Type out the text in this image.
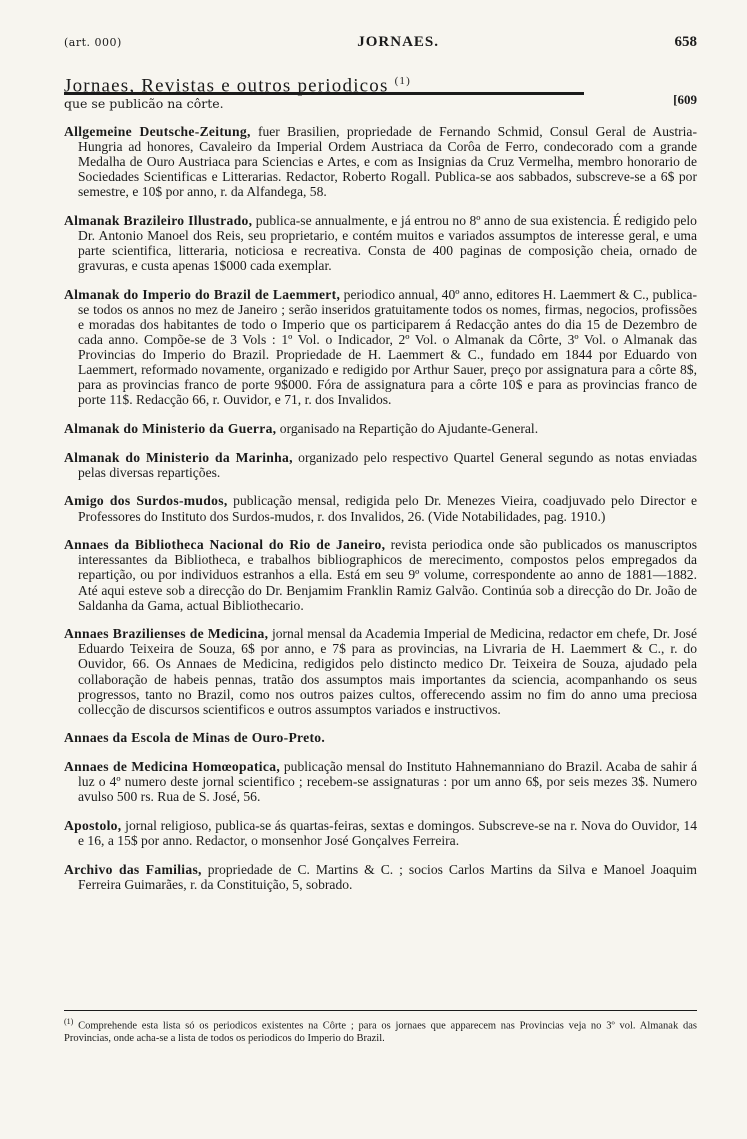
(art. 000)	JORNAES.	658
Jornaes, Revistas e outros periodicos $^{(1)}$
que se publicão na côrte.	[609

Allgemeine Deutsche-Zeitung, fuer Brasilien, propriedade de Fernando Schmid, Consul Geral de Austria-Hungria ad honores, Cavaleiro da Imperial Ordem Austriaca da Corôa de Ferro, condecorado com a grande Medalha de Ouro Austriaca para Sciencias e Artes, e com as Insignias da Cruz Vermelha, membro honorario de Sociedades Scientificas e Litterarias. Redactor, Roberto Rogall. Publica-se aos sabbados, subscreve-se a 6$ por semestre, e 10$ por anno, r. da Alfandega, 58.

Almanak Brazileiro Illustrado, publica-se annualmente, e já entrou no 8º anno de sua existencia. É redigido pelo Dr. Antonio Manoel dos Reis, seu proprietario, e contém muitos e variados assumptos de interesse geral, e uma parte scientifica, litteraria, noticiosa e recreativa. Consta de 400 paginas de composição cheia, ornado de gravuras, e custa apenas 1$000 cada exemplar.

Almanak do Imperio do Brazil de Laemmert, periodico annual, 40º anno, editores H. Laemmert & C., publica-se todos os annos no mez de Janeiro ; serão inseridos gratuitamente todos os nomes, firmas, negocios, profissões e moradas dos habitantes de todo o Imperio que os participarem á Redacção antes do dia 15 de Dezembro de cada anno. Compõe-se de 3 Vols : 1º Vol. o Indicador, 2º Vol. o Almanak da Côrte, 3º Vol. o Almanak das Provincias do Imperio do Brazil. Propriedade de H. Laemmert & C., fundado em 1844 por Eduardo von Laemmert, reformado novamente, organizado e redigido por Arthur Sauer, preço por assignatura para a côrte 8$, para as provincias franco de porte 9$000. Fóra de assignatura para a côrte 10$ e para as provincias franco de porte 11$. Redacção 66, r. Ouvidor, e 71, r. dos Invalidos.

Almanak do Ministerio da Guerra, organisado na Repartição do Ajudante-General.

Almanak do Ministerio da Marinha, organizado pelo respectivo Quartel General segundo as notas enviadas pelas diversas repartições.

Amigo dos Surdos-mudos, publicação mensal, redigida pelo Dr. Menezes Vieira, coadjuvado pelo Director e Professores do Instituto dos Surdos-mudos, r. dos Invalidos, 26. (Vide Notabilidades, pag. 1910.)

Annaes da Bibliotheca Nacional do Rio de Janeiro, revista periodica onde são publicados os manuscriptos interessantes da Bibliotheca, e trabalhos bibliographicos de merecimento, compostos pelos empregados da repartição, ou por individuos estranhos a ella. Está em seu 9º volume, correspondente ao anno de 1881—1882. Até aqui esteve sob a direcção do Dr. Benjamim Franklin Ramiz Galvão. Continúa sob a direcção do Dr. João de Saldanha da Gama, actual Bibliothecario.

Annaes Brazilienses de Medicina, jornal mensal da Academia Imperial de Medicina, redactor em chefe, Dr. José Eduardo Teixeira de Souza, 6$ por anno, e 7$ para as provincias, na Livraria de H. Laemmert & C., r. do Ouvidor, 66. Os Annaes de Medicina, redigidos pelo distincto medico Dr. Teixeira de Souza, ajudado pela collaboração de habeis pennas, tratão dos assumptos mais importantes da sciencia, acompanhando os seus progressos, tanto no Brazil, como nos outros paizes cultos, offerecendo assim no fim do anno uma preciosa collecção de discursos scientificos e outros assumptos variados e instructivos.

Annaes da Escola de Minas de Ouro-Preto.

Annaes de Medicina Homœopatica, publicação mensal do Instituto Hahnemanniano do Brazil. Acaba de sahir á luz o 4º numero deste jornal scientifico ; recebem-se assignaturas : por um anno 6$, por seis mezes 3$. Numero avulso 500 rs. Rua de S. José, 56.

Apostolo, jornal religioso, publica-se ás quartas-feiras, sextas e domingos. Subscreve-se na r. Nova do Ouvidor, 14 e 16, a 15$ por anno. Redactor, o monsenhor José Gonçalves Ferreira.

Archivo das Familias, propriedade de C. Martins & C. ; socios Carlos Martins da Silva e Manoel Joaquim Ferreira Guimarães, r. da Constituição, 5, sobrado.

$^{(1)}$ Comprehende esta lista só os periodicos existentes na Côrte ; para os jornaes que apparecem nas Provincias veja no 3º vol. Almanak das Provincias, onde acha-se a lista de todos os periodicos do Imperio do Brazil.
